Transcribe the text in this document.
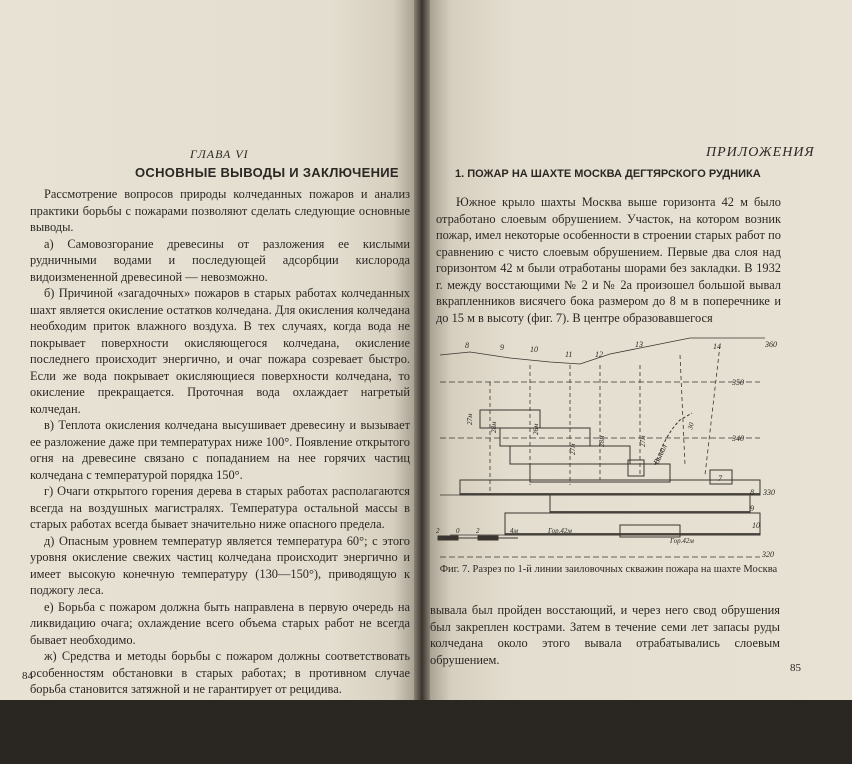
ГЛАВА VI
ОСНОВНЫЕ ВЫВОДЫ И ЗАКЛЮЧЕНИЕ

Рассмотрение вопросов природы колчеданных пожаров и анализ практики борьбы с пожарами позволяют сделать следующие основные выводы.

а) Самовозгорание древесины от разложения ее кислыми рудничными водами и последующей адсорбции кислорода видоизмененной древесиной — невозможно.

б) Причиной «загадочных» пожаров в старых работах колчеданных шахт является окисление остатков колчедана. Для окисления колчедана необходим приток влажного воздуха. В тех случаях, когда вода не покрывает поверхности окисляющегося колчедана, окисление последнего происходит энергично, и очаг пожара созревает быстро. Если же вода покрывает окисляющиеся поверхности колчедана, то окисление прекращается. Проточная вода охлаждает нагретый колчедан.

в) Теплота окисления колчедана высушивает древесину и вызывает ее разложение даже при температурах ниже 100°. Появление открытого огня на древесине связано с попаданием на нее горячих частиц колчедана с температурой порядка 150°.

г) Очаги открытого горения дерева в старых работах располагаются всегда на воздушных магистралях. Температура остальной массы в старых работах всегда бывает значительно ниже опасного предела.

д) Опасным уровнем температур является температура 60°; с этого уровня окисление свежих частиц колчедана происходит энергично и имеет высокую конечную температуру (130—150°), приводящую к поджогу леса.

е) Борьба с пожаром должна быть направлена в первую очередь на ликвидацию очага; охлаждение всего объема старых работ не всегда бывает необходимо.

ж) Средства и методы борьбы с пожаром должны соответствовать особенностям обстановки в старых работах; в противном случае борьба становится затяжной и не гарантирует от рецидива.

Успех борьбы с пожаром зависит как от готовности шахты к встрече аварии и своевременного применения средств борьбы, соответствующих особенностям пожара, так и от правильного понимания того, что происходит в каждом отдельном случае.

84
ПРИЛОЖЕНИЯ
1. ПОЖАР НА ШАХТЕ МОСКВА ДЕГТЯРСКОГО РУДНИКА

Южное крыло шахты Москва выше горизонта 42 м было отработано слоевым обрушением. Участок, на котором возник пожар, имел некоторые особенности в строении старых работ по сравнению с чисто слоевым обрушением. Первые два слоя над горизонтом 42 м были отработаны шорами без закладки. В 1932 г. между восстающими № 2 и № 2а произошел большой вывал вкрапленников висячего бока размером до 8 м в поперечнике и до 15 м в высоту (фиг. 7). В центре образовавшегося

360
350
340
330
320
8	9	10
11	12
13	14
27м
28м	26м
27м
28м	27м
30
Вывал
7
8
9
10
Гор.42м
Гор.42м
2 0 2	4м
Фиг. 7. Разрез по 1-й линии заиловочных скважин пожара на шахте Москва

вывала был пройден восстающий, и через него свод обрушения был закреплен кострами. Затем в течение семи лет запасы руды колчедана около этого вывала отрабатывались слоевым обрушением.

85
